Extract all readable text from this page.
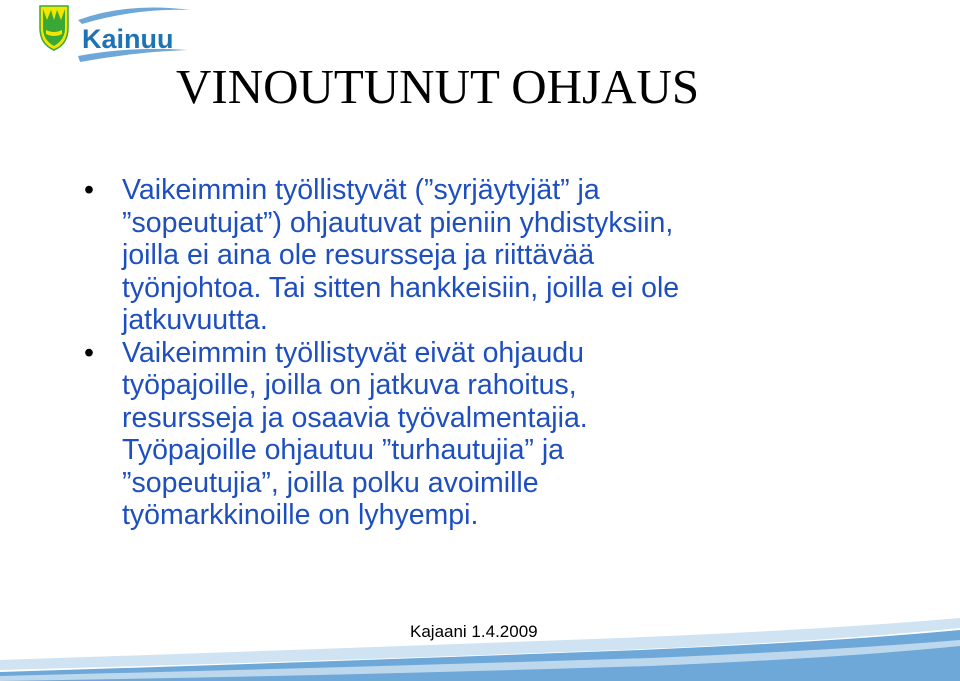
Kainuu
VINOUTUNUT OHJAUS
• Vaikeimmin työllistyvät (”syrjäytyjät” ja
”sopeutujat”) ohjautuvat pieniin yhdistyksiin,
joilla ei aina ole resursseja ja riittävää
työnjohtoa. Tai sitten hankkeisiin, joilla ei ole
jatkuvuutta.
• Vaikeimmin työllistyvät eivät ohjaudu
työpajoille, joilla on jatkuva rahoitus,
resursseja ja osaavia työvalmentajia.
Työpajoille ohjautuu ”turhautujia” ja
”sopeutujia”, joilla polku avoimille
työmarkkinoille on lyhyempi.
Kajaani 1.4.2009
